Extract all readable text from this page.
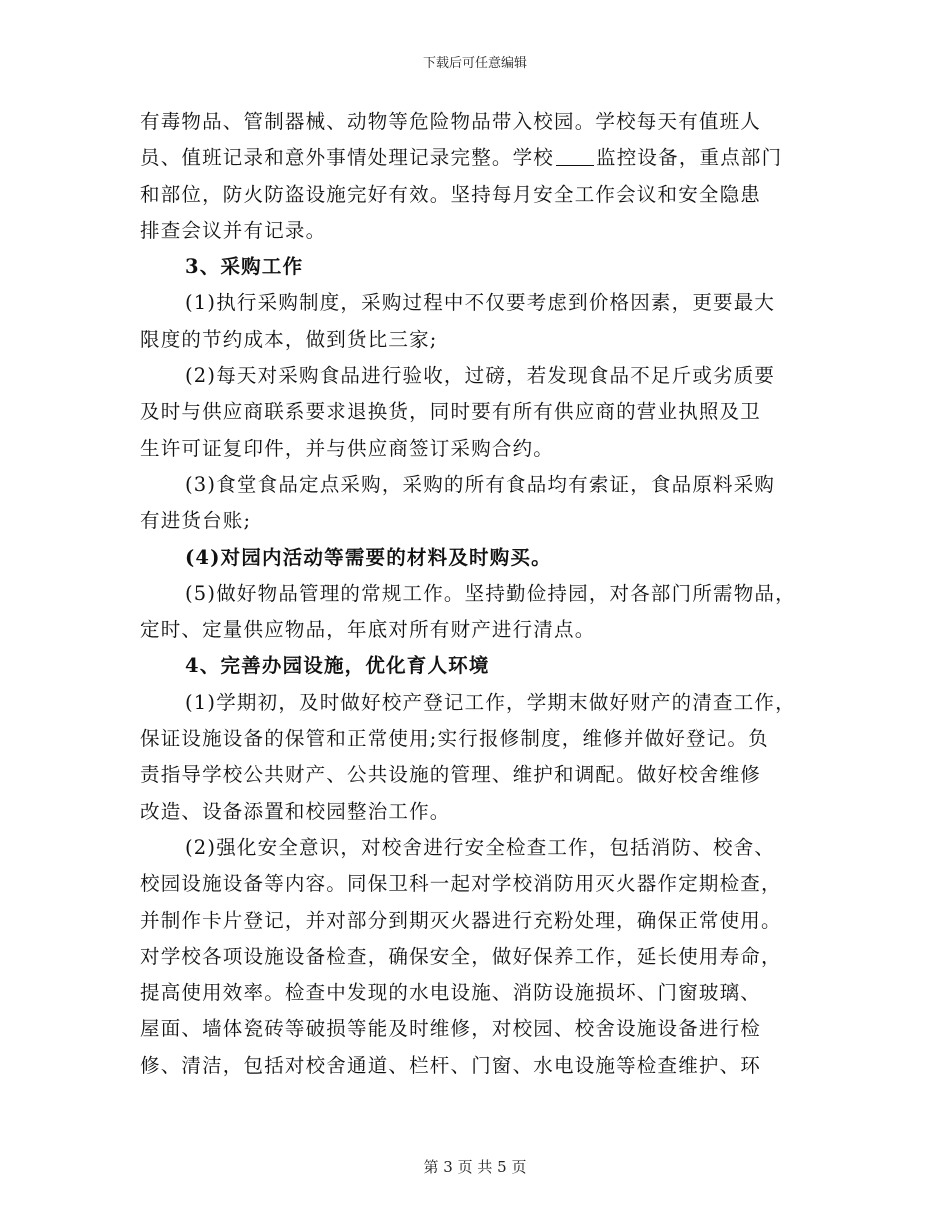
下载后可任意编辑
有毒物品、管制器械、动物等危险物品带入校园。学校每天有值班人
员、值班记录和意外事情处理记录完整。学校 监控设备，重点部门
和部位，防火防盗设施完好有效。坚持每月安全工作会议和安全隐患
排查会议并有记录。
3、采购工作
(1)执行采购制度，采购过程中不仅要考虑到价格因素，更要最大
限度的节约成本，做到货比三家;
(2)每天对采购食品进行验收，过磅，若发现食品不足斤或劣质要
及时与供应商联系要求退换货，同时要有所有供应商的营业执照及卫
生许可证复印件，并与供应商签订采购合约。
(3)食堂食品定点采购，采购的所有食品均有索证，食品原料采购
有进货台账;
(4)对园内活动等需要的材料及时购买。
(5)做好物品管理的常规工作。坚持勤俭持园，对各部门所需物品，
定时、定量供应物品，年底对所有财产进行清点。
4、完善办园设施，优化育人环境
(1)学期初，及时做好校产登记工作，学期末做好财产的清查工作，
保证设施设备的保管和正常使用;实行报修制度，维修并做好登记。负
责指导学校公共财产、公共设施的管理、维护和调配。做好校舍维修
改造、设备添置和校园整治工作。
(2)强化安全意识，对校舍进行安全检查工作，包括消防、校舍、
校园设施设备等内容。同保卫科一起对学校消防用灭火器作定期检查，
并制作卡片登记，并对部分到期灭火器进行充粉处理，确保正常使用。
对学校各项设施设备检查，确保安全，做好保养工作，延长使用寿命，
提高使用效率。检查中发现的水电设施、消防设施损坏、门窗玻璃、
屋面、墙体瓷砖等破损等能及时维修，对校园、校舍设施设备进行检
修、清洁，包括对校舍通道、栏杆、门窗、水电设施等检查维护、环
第 3 页 共 5 页
